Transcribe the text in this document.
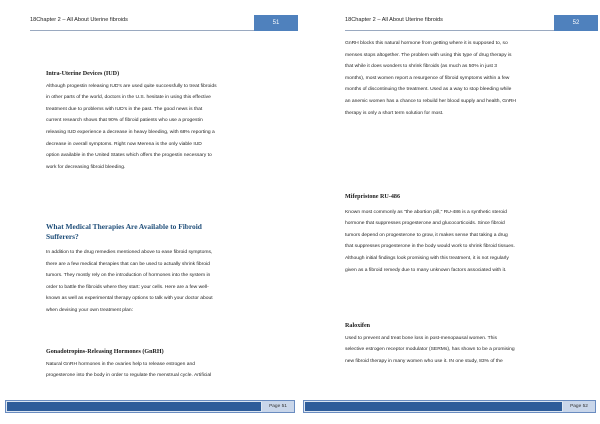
18Chapter 2 – All About Uterine fibroids	51
Intra-Uterine Devices (IUD)
Although progestin releasing IUD's are used quite successfully to treat fibroids
in other parts of the world, doctors in the U.S. hesitate in using this effective
treatment due to problems with IUD's in the past. The good news is that
current research shows that 90% of fibroid patients who use a progestin
releasing IUD experience a decrease in heavy bleeding, with 68% reporting a
decrease in overall symptoms. Right now Merena is the only viable IUD
option available in the United States which offers the progestin necessary to
work for decreasing fibroid bleeding.
What Medical Therapies Are Available to Fibroid
Sufferers?
In addition to the drug remedies mentioned above to ease fibroid symptoms,
there are a few medical therapies that can be used to actually shrink fibroid
tumors. They mostly rely on the introduction of hormones into the system in
order to battle the fibroids where they start: your cells. Here are a few well-
known as well as experimental therapy options to talk with your doctor about
when devising your own treatment plan:
Gonadotropins-Releasing Hormones (GnRH)
Natural GnRH hormones in the ovaries help to release estrogen and
progesterone into the body in order to regulate the menstrual cycle. Artificial
Page 51
18Chapter 2 – All About Uterine fibroids	52
GnRH blocks this natural hormone from getting where it is supposed to, so
menses stops altogether. The problem with using this type of drug therapy is
that while it does wonders to shrink fibroids (as much as 50% in just 3
months), most women report a resurgence of fibroid symptoms within a few
months of discontinuing the treatment. Used as a way to stop bleeding while
an anemic women has a chance to rebuild her blood supply and health, GnRH
therapy is only a short term solution for most.
Mifepristone RU-486
Known most commonly as "the abortion pill," RU-486 is a synthetic steroid
hormone that suppresses progesterone and glucocorticoids. Since fibroid
tumors depend on progesterone to grow, it makes sense that taking a drug
that suppresses progesterone in the body would work to shrink fibroid tissues.
Although initial findings look promising with this treatment, it is not regularly
given as a fibroid remedy due to many unknown factors associated with it.
Raloxifen
Used to prevent and treat bone loss in post-menopausal women. This
selective estrogen receptor modulator (SERMs), has shown to be a promising
new fibroid therapy in many women who use it. IN one study, 83% of the
Page 52
